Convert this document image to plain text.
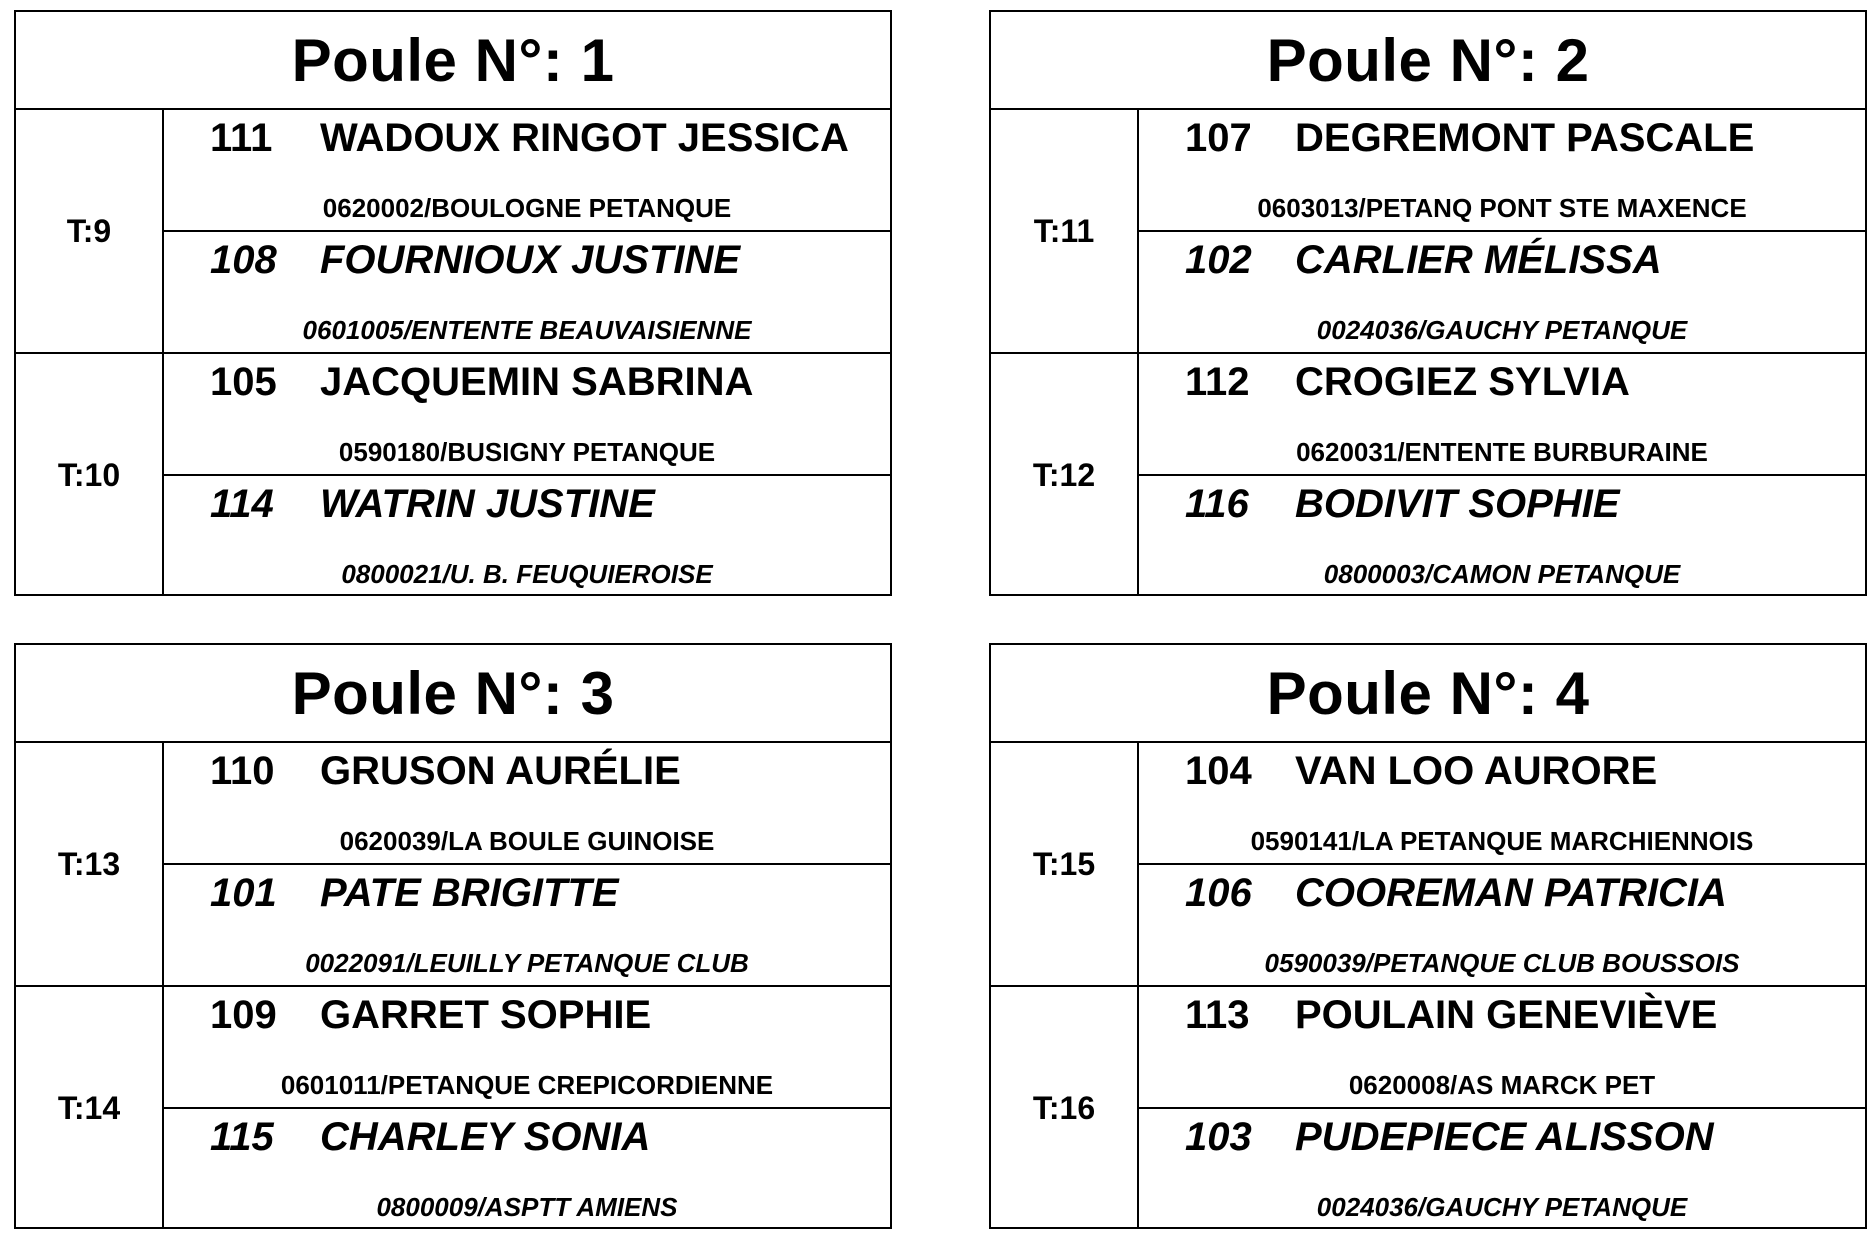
Poule N°: 1
T:9
111 WADOUX RINGOT JESSICA
0620002/BOULOGNE PETANQUE
108 FOURNIOUX JUSTINE
0601005/ENTENTE BEAUVAISIENNE
T:10
105 JACQUEMIN SABRINA
0590180/BUSIGNY PETANQUE
114 WATRIN JUSTINE
0800021/U. B. FEUQUIEROISE
Poule N°: 2
T:11
107 DEGREMONT PASCALE
0603013/PETANQ PONT STE MAXENCE
102 CARLIER MÉLISSA
0024036/GAUCHY PETANQUE
T:12
112 CROGIEZ SYLVIA
0620031/ENTENTE BURBURAINE
116 BODIVIT SOPHIE
0800003/CAMON PETANQUE
Poule N°: 3
T:13
110 GRUSON AURÉLIE
0620039/LA BOULE GUINOISE
101 PATE BRIGITTE
0022091/LEUILLY PETANQUE CLUB
T:14
109 GARRET SOPHIE
0601011/PETANQUE CREPICORDIENNE
115 CHARLEY SONIA
0800009/ASPTT AMIENS
Poule N°: 4
T:15
104 VAN LOO AURORE
0590141/LA PETANQUE MARCHIENNOIS
106 COOREMAN PATRICIA
0590039/PETANQUE CLUB BOUSSOIS
T:16
113 POULAIN GENEVIÈVE
0620008/AS MARCK PET
103 PUDEPIECE ALISSON
0024036/GAUCHY PETANQUE
